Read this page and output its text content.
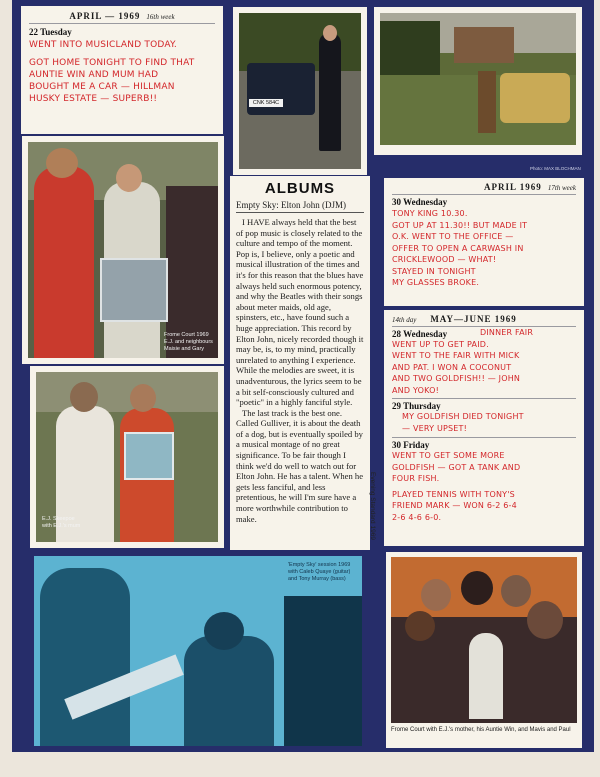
APRIL — 1969 16th week
22 Tuesday
WENT INTO MUSICLAND TODAY.
GOT HOME TONIGHT TO FIND THAT
AUNTIE WIN AND MUM HAD
BOUGHT ME A CAR — HILLMAN
HUSKY ESTATE — SUPERB!!	CNK 584C
Photo: MAX BLOCHMAN
Frome Court 1969 E.J. and neighbours Maisie and Gary
E.J. Skeepoe with E.J.'s mum
ALBUMS
Empty Sky: Elton John (DJM)

I HAVE always held that the best of pop music is closely related to the culture and tempo of the moment. Pop is, I believe, only a poetic and musical illustration of the times and it's for this reason that the blues have always held such enormous potency, and why the Beatles with their songs about meter maids, old age, spinsters, etc., have found such a huge appreciation. This record by Elton John, nicely recorded though it may be, is, to my mind, practically unrelated to anything I experience. While the melodies are sweet, it is unadventurous, the lyrics seem to be a bit self-consciously cultured and "poetic" in a highly fanciful style.

The last track is the best one. Called Gulliver, it is about the death of a dog, but is eventually spoiled by a musical montage of no great significance. To be fair though I think we'd do well to watch out for Elton John. He has a talent. When he gets less fanciful, and less pretentious, he will I'm sure have a more worthwhile contribution to make.	Evening Standard 1969
APRIL 1969 17th week
30 Wednesday
TONY KING 10.30.
GOT UP AT 11.30!! BUT MADE IT
O.K. WENT TO THE OFFICE —
OFFER TO OPEN A CARWASH IN
CRICKLEWOOD — WHAT!
STAYED IN TONIGHT
MY GLASSES BROKE.
14th day MAY—JUNE 1969
28 Wednesday	DINNER FAIR
WENT UP TO GET PAID.
WENT TO THE FAIR WITH MICK
AND PAT. I WON A COCONUT
AND TWO GOLDFISH!! — JOHN
AND YOKO!
29 Thursday
MY GOLDFISH DIED TONIGHT
— VERY UPSET!
30 Friday
WENT TO GET SOME MORE
GOLDFISH — GOT A TANK AND
FOUR FISH.
PLAYED TENNIS WITH TONY'S
FRIEND MARK — WON 6-2 6-4
2-6 4-6 6-0.
'Empty Sky' session 1969 with Caleb Quaye (guitar) and Tony Murray (bass)
Frome Court with E.J.'s mother, his Auntie Win, and Mavis and Paul
